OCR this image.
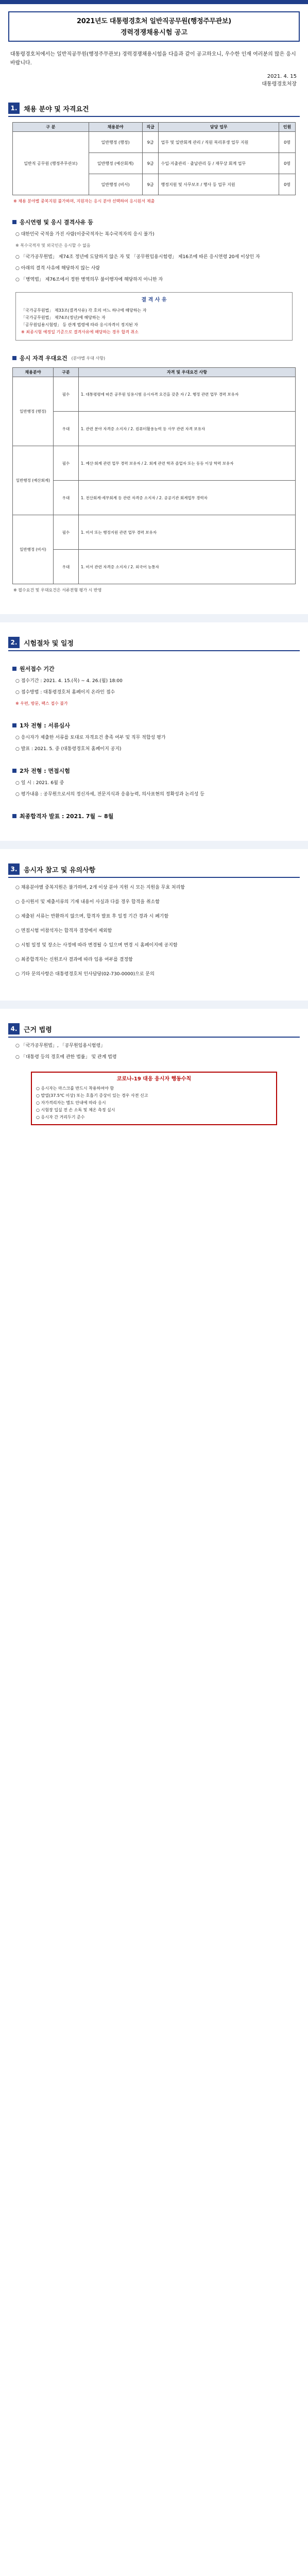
2021년도 대통령경호처 일반직공무원(행정주무관보)
경력경쟁채용시험 공고
대통령경호처에서는 일반직공무원(행정주무관보) 경력경쟁채용시험을 다음과 같이 공고하오니, 우수한 인재 여러분의 많은 응시 바랍니다.
2021. 4. 15
대통령경호처장
1. 채용 분야 및 자격요건
구 분	채용분야	직급	담당 업무	인원
일반직 공무원 (행정주무관보)	일반행정 (행정)	9급	업무 및 일반회계 관리 / 직원 복리후생 업무 지원	0명
	일반행정 (예산회계)	9급	수입·지출관리 · 출납관리 등 / 재무상 회계 업무	0명
	일반행정 (비서)	9급	행정지원 및 사무보조 / 행사 등 업무 지원	0명
※ 채용 분야별 중복지원 불가하며, 지원자는 응시 분야 선택하여 응시원서 제출
응시연령 및 응시 결격사유 등

○ 대한민국 국적을 가진 사람(이중국적자는 복수국적자의 응시 불가)

※ 복수국적자 및 외국인은 응시할 수 없음

○ 「국가공무원법」 제74조 정년에 도달하지 않은 자 및 「공무원임용시험령」 제16조에 따른 응시연령 20세 이상인 자

○ 아래의 결격 사유에 해당하지 않는 사람

○ 「병역법」 제76조에서 정한 병역의무 불이행자에 해당하지 아니한 자

결 격 사 유
「국가공무원법」 제33조(결격사유) 각 호의 어느 하나에 해당하는 자
「국가공무원법」 제74조(정년)에 해당하는 자
「공무원임용시험령」 등 관계 법령에 따라 응시자격이 정지된 자
※ 최종시험 예정일 기준으로 결격사유에 해당하는 경우 합격 취소
응시 자격 우대요건 (분야별 우대 사항)
채용분야	구분	자격 및 우대요건 사항
일반행정 (행정)	필수	1. 대통령령에 따른 공무원 임용시험 응시자격 요건을 갖춘 자 / 2. 행정 관련 업무 경력 보유자
	우대	1. 관련 분야 자격증 소지자 / 2. 컴퓨터활용능력 등 사무 관련 자격 보유자
일반행정 (예산회계)	필수	1. 예산·회계 관련 업무 경력 보유자 / 2. 회계 관련 학과 졸업자 또는 동등 이상 학력 보유자
	우대	1. 전산회계·세무회계 등 관련 자격증 소지자 / 2. 공공기관 회계업무 경력자
일반행정 (비서)	필수	1. 비서 또는 행정지원 관련 업무 경력 보유자
	우대	1. 비서 관련 자격증 소지자 / 2. 외국어 능통자
※ 필수요건 및 우대요건은 서류전형 평가 시 반영
2. 시험절차 및 일정
원서접수 기간

○ 접수기간 : 2021. 4. 15.(목) ~ 4. 26.(월) 18:00

○ 접수방법 : 대통령경호처 홈페이지 온라인 접수

※ 우편, 방문, 팩스 접수 불가

1차 전형 : 서류심사

○ 응시자가 제출한 서류를 토대로 자격요건 충족 여부 및 직무 적합성 평가

○ 발표 : 2021. 5. 중 (대통령경호처 홈페이지 공지)

2차 전형 : 면접시험

○ 일 시 : 2021. 6월 중

○ 평가내용 : 공무원으로서의 정신자세, 전문지식과 응용능력, 의사표현의 정확성과 논리성 등

최종합격자 발표 : 2021. 7월 ~ 8월
3. 응시자 참고 및 유의사항

○ 채용분야별 중복지원은 불가하며, 2개 이상 분야 지원 시 모든 지원을 무효 처리함

○ 응시원서 및 제출서류의 기재 내용이 사실과 다를 경우 합격을 취소함

○ 제출된 서류는 반환하지 않으며, 합격자 발표 후 일정 기간 경과 시 폐기함

○ 면접시험 미참석자는 합격자 결정에서 제외함

○ 시험 일정 및 장소는 사정에 따라 변경될 수 있으며 변경 시 홈페이지에 공지함

○ 최종합격자는 신원조사 결과에 따라 임용 여부를 결정함

○ 기타 문의사항은 대통령경호처 인사담당(02-730-0000)으로 문의

4. 근거 법령

○ 「국가공무원법」, 「공무원임용시험령」

○ 「대통령 등의 경호에 관한 법률」 및 관계 법령

코로나-19 대응 응시자 행동수칙
○ 응시자는 마스크를 반드시 착용하여야 함
○ 발열(37.5℃ 이상) 또는 호흡기 증상이 있는 경우 사전 신고
○ 자가격리자는 별도 안내에 따라 응시
○ 시험장 입실 전 손 소독 및 체온 측정 실시
○ 응시자 간 거리두기 준수
